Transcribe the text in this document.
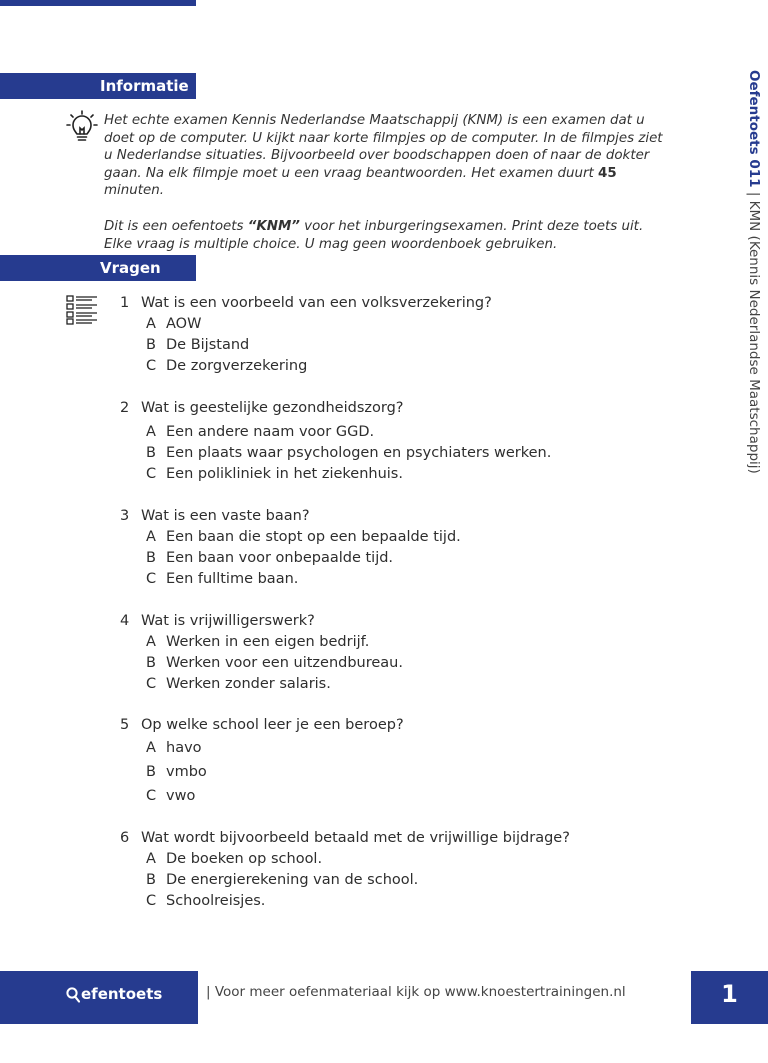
Informatie

Het echte examen Kennis Nederlandse Maatschappij (KNM) is een examen dat u doet op de computer. U kijkt naar korte filmpjes op de computer. In de filmpjes ziet u Nederlandse situaties. Bijvoorbeeld over boodschappen doen of naar de dokter gaan. Na elk filmpje moet u een vraag beantwoorden. Het examen duurt 45 minuten.

Dit is een oefentoets “KNM” voor het inburgeringsexamen. Print deze toets uit. Elke vraag is multiple choice. U mag geen woordenboek gebruiken.

Vragen
1 Wat is een voorbeeld van een volksverzekering?
A AOW
B De Bijstand
C De zorgverzekering
2 Wat is geestelijke gezondheidszorg?
A Een andere naam voor GGD.
B Een plaats waar psychologen en psychiaters werken.
C Een polikliniek in het ziekenhuis.
3 Wat is een vaste baan?
A Een baan die stopt op een bepaalde tijd.
B Een baan voor onbepaalde tijd.
C Een fulltime baan.
4 Wat is vrijwilligerswerk?
A Werken in een eigen bedrijf.
B Werken voor een uitzendbureau.
C Werken zonder salaris.
5 Op welke school leer je een beroep?
A havo
B vmbo
C vwo
6 Wat wordt bijvoorbeeld betaald met de vrijwillige bijdrage?
A De boeken op school.
B De energierekening van de school.
C Schoolreisjes.
Oefentoets 011 | KMN (Kennis Nederlandse Maatschappij)
efentoets 011
| Voor meer oefenmateriaal kijk op www.knoestertrainingen.nl	1
